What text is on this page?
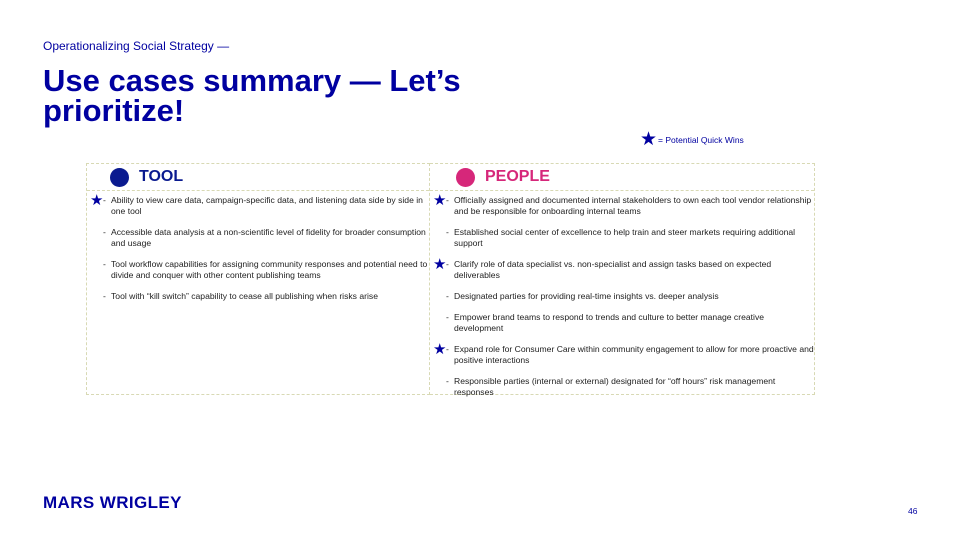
Operationalizing Social Strategy —
Use cases summary — Let’s prioritize!
★ = Potential Quick Wins
TOOL
★ - Ability to view care data, campaign-specific data, and listening data side by side in one tool
- Accessible data analysis at a non-scientific level of fidelity for broader consumption and usage
- Tool workflow capabilities for assigning community responses and potential need to divide and conquer with other content publishing teams
- Tool with “kill switch” capability to cease all publishing when risks arise
PEOPLE
★ - Officially assigned and documented internal stakeholders to own each tool vendor relationship and be responsible for onboarding internal teams
- Established social center of excellence to help train and steer markets requiring additional support
★ - Clarify role of data specialist vs. non-specialist and assign tasks based on expected deliverables
- Designated parties for providing real-time insights vs. deeper analysis
- Empower brand teams to respond to trends and culture to better manage creative development
★ - Expand role for Consumer Care within community engagement to allow for more proactive and positive interactions
- Responsible parties (internal or external) designated for “off hours” risk management responses
MARS WRIGLEY	46
